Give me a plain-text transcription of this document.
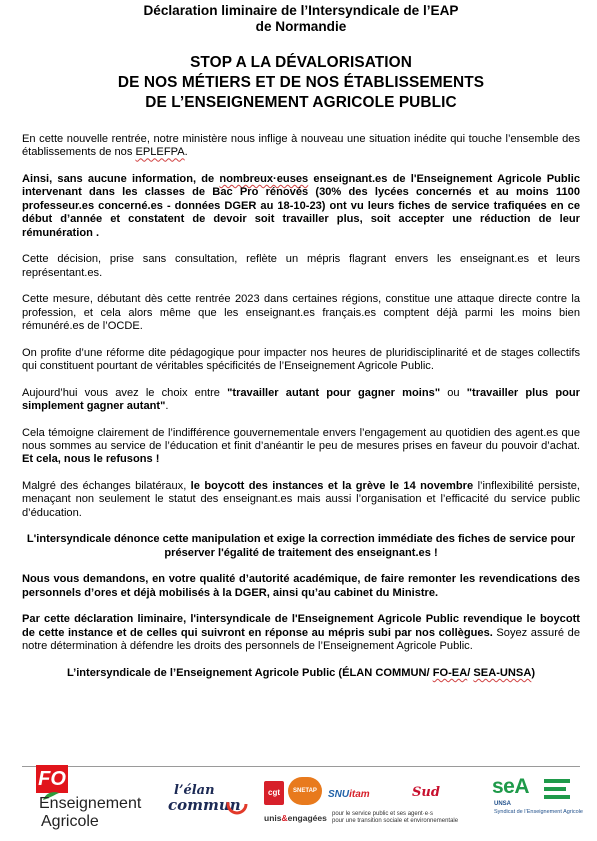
Déclaration liminaire de l’Intersyndicale de l’EAP
de Normandie
STOP A LA DÉVALORISATION
DE NOS MÉTIERS ET DE NOS ÉTABLISSEMENTS
DE L’ENSEIGNEMENT AGRICOLE PUBLIC

En cette nouvelle rentrée, notre ministère nous inflige à nouveau une situation inédite qui touche l’ensemble des établissements de nos EPLEFPA.

Ainsi, sans aucune information, de nombreux·euses enseignant.es de l'Enseignement Agricole Public intervenant dans les classes de Bac Pro rénovés (30% des lycées concernés et au moins 1100 professeur.es concerné.es - données DGER au 18-10-23) ont vu leurs fiches de service trafiquées en ce début d’année et constatent de devoir soit travailler plus, soit accepter une réduction de leur rémunération .

Cette décision, prise sans consultation, reflète un mépris flagrant envers les enseignant.es et leurs représentant.es.

Cette mesure, débutant dès cette rentrée 2023 dans certaines régions, constitue une attaque directe contre la profession, et cela alors même que les enseignant.es français.es comptent déjà parmi les moins bien rémunéré.es de l’OCDE.

On profite d’une réforme dite pédagogique pour impacter nos heures de pluridisciplinarité et de stages collectifs qui constituent pourtant de véritables spécificités de l’Enseignement Agricole Public.

Aujourd’hui vous avez le choix entre "travailler autant pour gagner moins" ou "travailler plus pour simplement gagner autant".

Cela témoigne clairement de l’indifférence gouvernementale envers l’engagement au quotidien des agent.es que nous sommes au service de l’éducation et finit d’anéantir le peu de mesures prises en faveur du pouvoir d’achat. Et cela, nous le refusons !

Malgré des échanges bilatéraux, le boycott des instances et la grève le 14 novembre l’inflexibilité persiste, menaçant non seulement le statut des enseignant.es mais aussi l’organisation et l’efficacité du service public d’éducation.

L'intersyndicale dénonce cette manipulation et exige la correction immédiate des fiches de service pour préserver l'égalité de traitement des enseignant.es !

Nous vous demandons, en votre qualité d’autorité académique, de faire remonter les revendications des personnels d’ores et déjà mobilisés à la DGER, ainsi qu’au cabinet du Ministre.

Par cette déclaration liminaire, l'intersyndicale de l'Enseignement Agricole Public revendique le boycott de cette instance et de celles qui suivront en réponse au mépris subi par nos collègues. Soyez assuré de notre détermination à défendre les droits des personnels de l’Enseignement Agricole Public.

L’intersyndicale de l’Enseignement Agricole Public (ÉLAN COMMUN/ FO-EA/ SEA-UNSA)

FO
Enseignement
Agricole
l’élan
commun
cgt	SNETAP	SNUitam	Sud
unis&engagées pour le service public et ses agent·e·s
pour une transition sociale et environnementale
seA
UNSA
Syndicat de l’Enseignement Agricole
